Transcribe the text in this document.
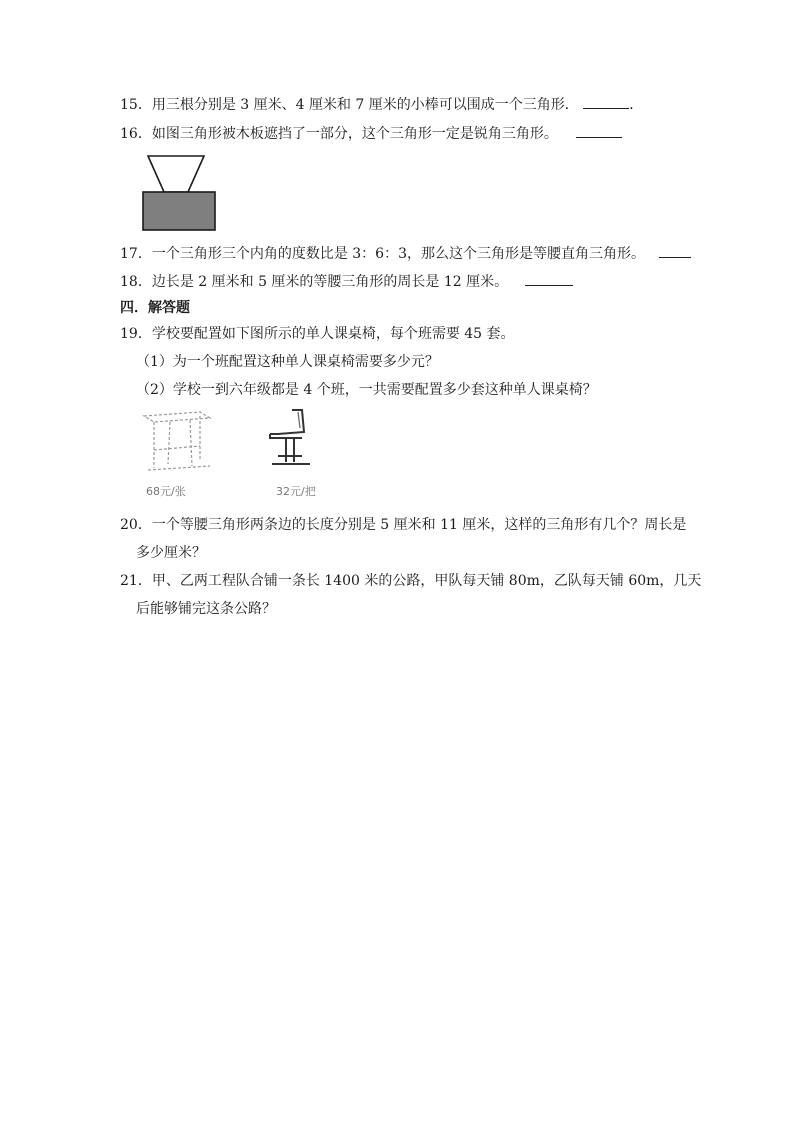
15．用三根分别是 3 厘米、4 厘米和 7 厘米的小棒可以围成一个三角形．	．
16．如图三角形被木板遮挡了一部分，这个三角形一定是锐角三角形。
17．一个三角形三个内角的度数比是 3：6：3，那么这个三角形是等腰直角三角形。
18．边长是 2 厘米和 5 厘米的等腰三角形的周长是 12 厘米。
四．解答题
19．学校要配置如下图所示的单人课桌椅，每个班需要 45 套。
（1）为一个班配置这种单人课桌椅需要多少元？
（2）学校一到六年级都是 4 个班，一共需要配置多少套这种单人课桌椅？
68元/张	32元/把
20．一个等腰三角形两条边的长度分别是 5 厘米和 11 厘米，这样的三角形有几个？周长是
多少厘米？
21．甲、乙两工程队合铺一条长 1400 米的公路，甲队每天铺 80m，乙队每天铺 60m，几天
后能够铺完这条公路？
